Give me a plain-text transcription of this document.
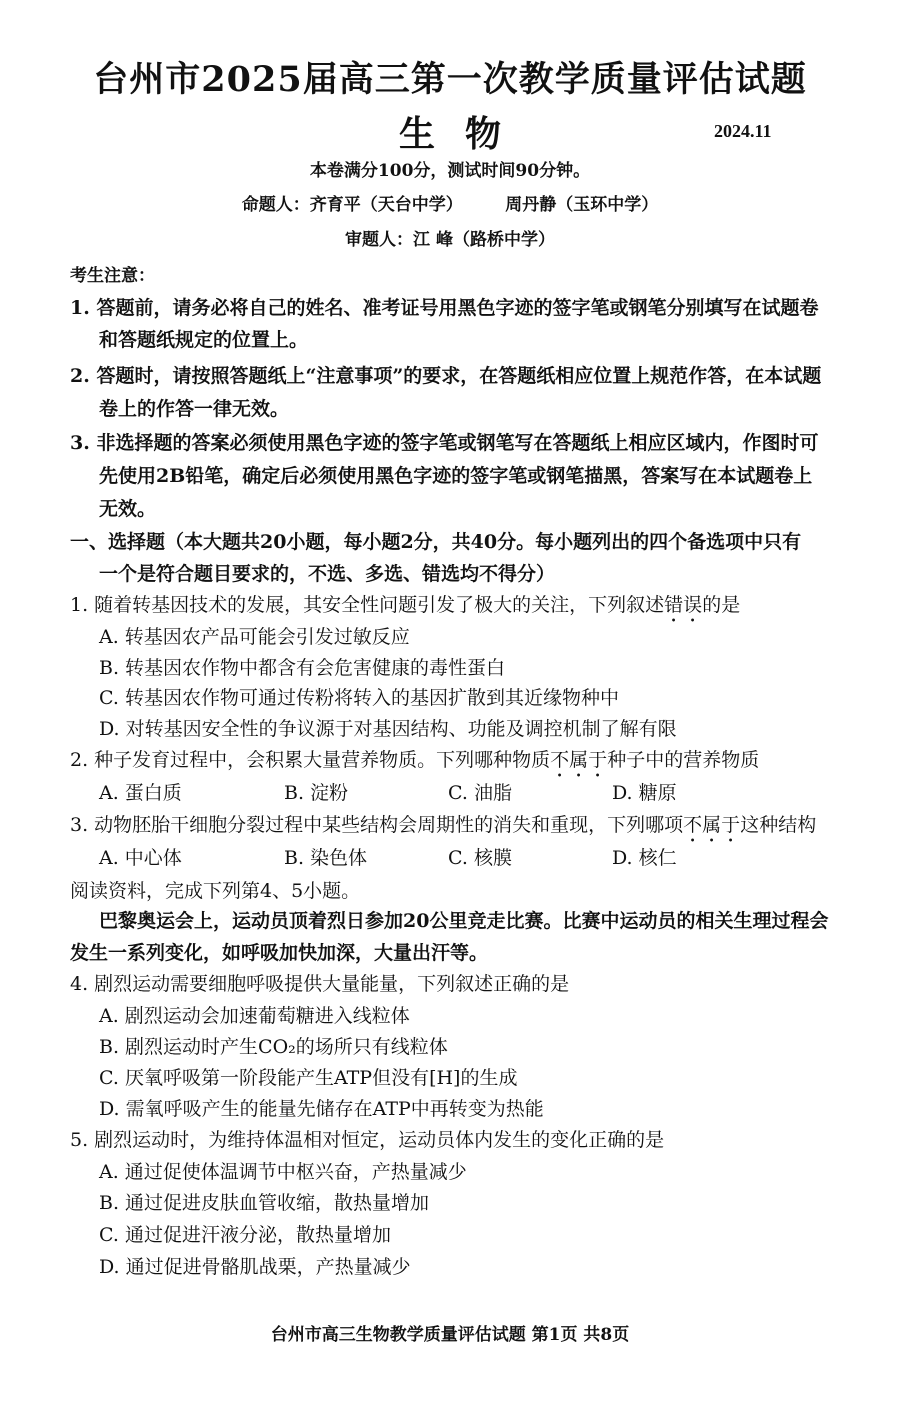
台州市2025届高三第一次教学质量评估试题
生物	2024.11
本卷满分100分，测试时间90分钟。
命题人：齐育平（天台中学）　　　周丹静（玉环中学）
审题人：江 峰（路桥中学）
考生注意：
1. 答题前，请务必将自己的姓名、准考证号用黑色字迹的签字笔或钢笔分别填写在试题卷
和答题纸规定的位置上。
2. 答题时，请按照答题纸上“注意事项”的要求，在答题纸相应位置上规范作答，在本试题
卷上的作答一律无效。
3. 非选择题的答案必须使用黑色字迹的签字笔或钢笔写在答题纸上相应区域内，作图时可
先使用2B铅笔，确定后必须使用黑色字迹的签字笔或钢笔描黑，答案写在本试题卷上
无效。
一、选择题（本大题共20小题，每小题2分，共40分。每小题列出的四个备选项中只有
一个是符合题目要求的，不选、多选、错选均不得分）
1. 随着转基因技术的发展，其安全性问题引发了极大的关注，下列叙述错误的是
A. 转基因农产品可能会引发过敏反应
B. 转基因农作物中都含有会危害健康的毒性蛋白
C. 转基因农作物可通过传粉将转入的基因扩散到其近缘物种中
D. 对转基因安全性的争议源于对基因结构、功能及调控机制了解有限
2. 种子发育过程中，会积累大量营养物质。下列哪种物质不属于种子中的营养物质
A. 蛋白质	B. 淀粉	C. 油脂	D. 糖原
3. 动物胚胎干细胞分裂过程中某些结构会周期性的消失和重现，下列哪项不属于这种结构
A. 中心体	B. 染色体	C. 核膜	D. 核仁
阅读资料，完成下列第4、5小题。
巴黎奥运会上，运动员顶着烈日参加20公里竞走比赛。比赛中运动员的相关生理过程会
发生一系列变化，如呼吸加快加深，大量出汗等。
4. 剧烈运动需要细胞呼吸提供大量能量，下列叙述正确的是
A. 剧烈运动会加速葡萄糖进入线粒体
B. 剧烈运动时产生CO₂的场所只有线粒体
C. 厌氧呼吸第一阶段能产生ATP但没有[H]的生成
D. 需氧呼吸产生的能量先储存在ATP中再转变为热能
5. 剧烈运动时，为维持体温相对恒定，运动员体内发生的变化正确的是
A. 通过促使体温调节中枢兴奋，产热量减少
B. 通过促进皮肤血管收缩，散热量增加
C. 通过促进汗液分泌，散热量增加
D. 通过促进骨骼肌战栗，产热量减少
台州市高三生物教学质量评估试题 第1页 共8页
